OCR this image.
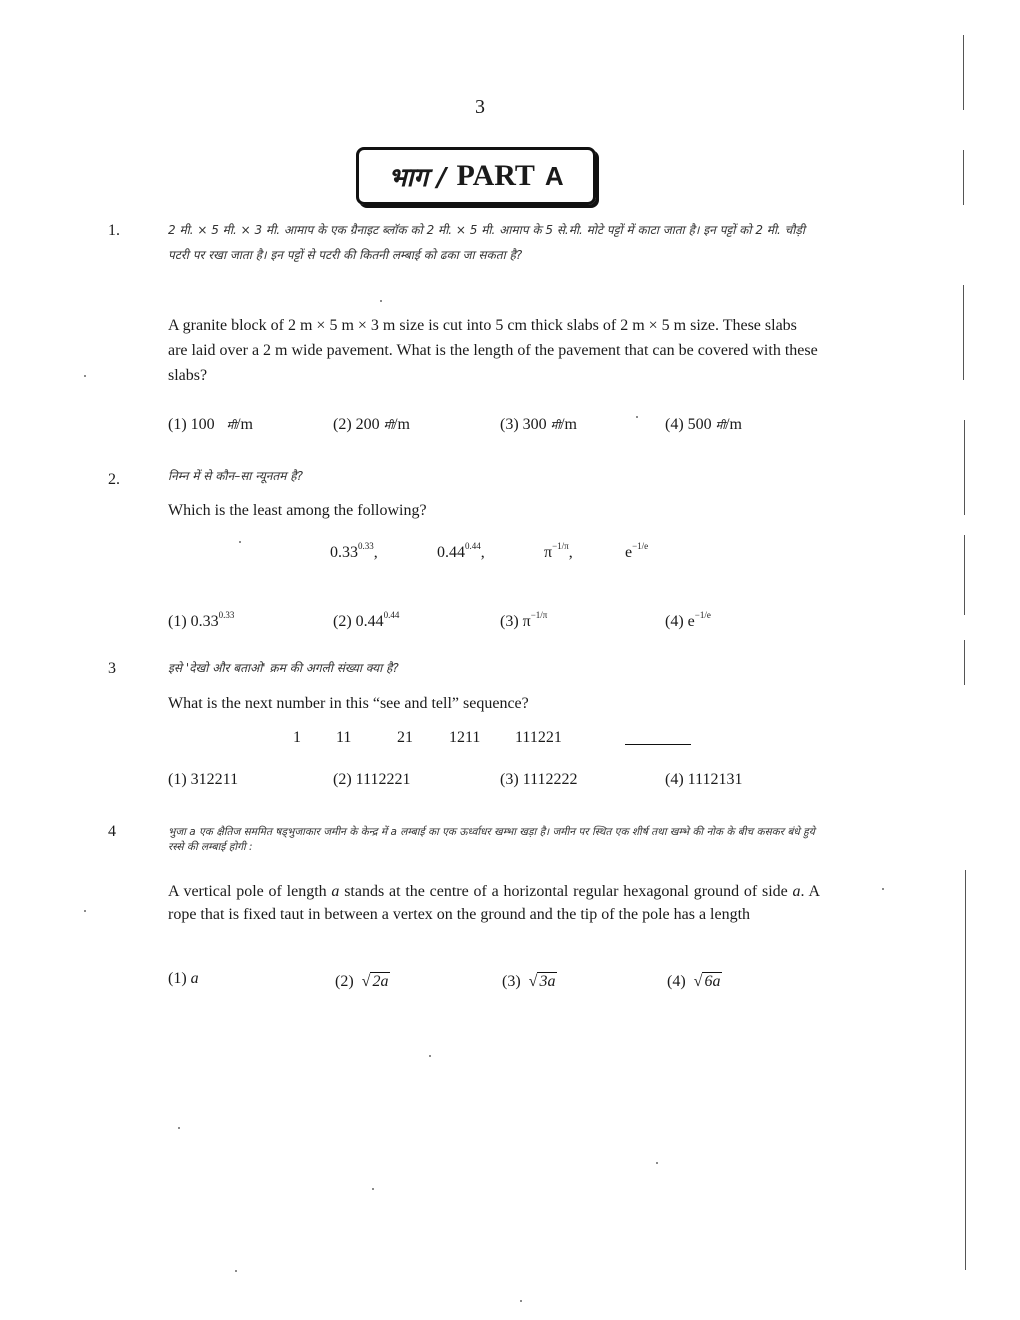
3
भाग / PART A
1.	2 मी. × 5 मी. × 3 मी. आमाप के एक ग्रैनाइट ब्लॉक को 2 मी. × 5 मी. आमाप के 5 से.मी. मोटे पट्टों में काटा जाता है। इन पट्टों को 2 मी. चौड़ी पटरी पर रखा जाता है। इन पट्टों से पटरी की कितनी लम्बाई को ढका जा सकता है?
A granite block of 2 m × 5 m × 3 m size is cut into 5 cm thick slabs of 2 m × 5 m size. These slabs are laid over a 2 m wide pavement. What is the length of the pavement that can be covered with these slabs?
(1) 100 मी/m	(2) 200 मी/m	(3) 300 मी/m	(4) 500 मी/m
2.	निम्न में से कौन–सा न्यूनतम है?
Which is the least among the following?
$0.33^{0.33}$,	$0.44^{0.44}$,	$\pi^{-1/\pi}$,	$e^{-1/e}$
(1) $0.33^{0.33}$	(2) $0.44^{0.44}$	(3) $\pi^{-1/\pi}$	(4) $e^{-1/e}$
3	इसे 'देखो और बताओ' क्रम की अगली संख्या क्या है?
What is the next number in this “see and tell” sequence?
1 11	21 1211 111221
(1) 312211	(2) 1112221	(3) 1112222	(4) 1112131
4	भुजा a एक क्षैतिज सममित षड्भुजाकार जमीन के केन्द्र में a लम्बाई का एक ऊर्ध्वाधर खम्भा खड़ा है। जमीन पर स्थित एक शीर्ष तथा खम्भे की नोक के बीच कसकर बंधे हुये रस्से की लम्बाई होगी :
A vertical pole of length a stands at the centre of a horizontal regular hexagonal ground of side a. A rope that is fixed taut in between a vertex on the ground and the tip of the pole has a length
(1) a	(2) √ 2a	(3) √ 3a	(4) √ 6a
